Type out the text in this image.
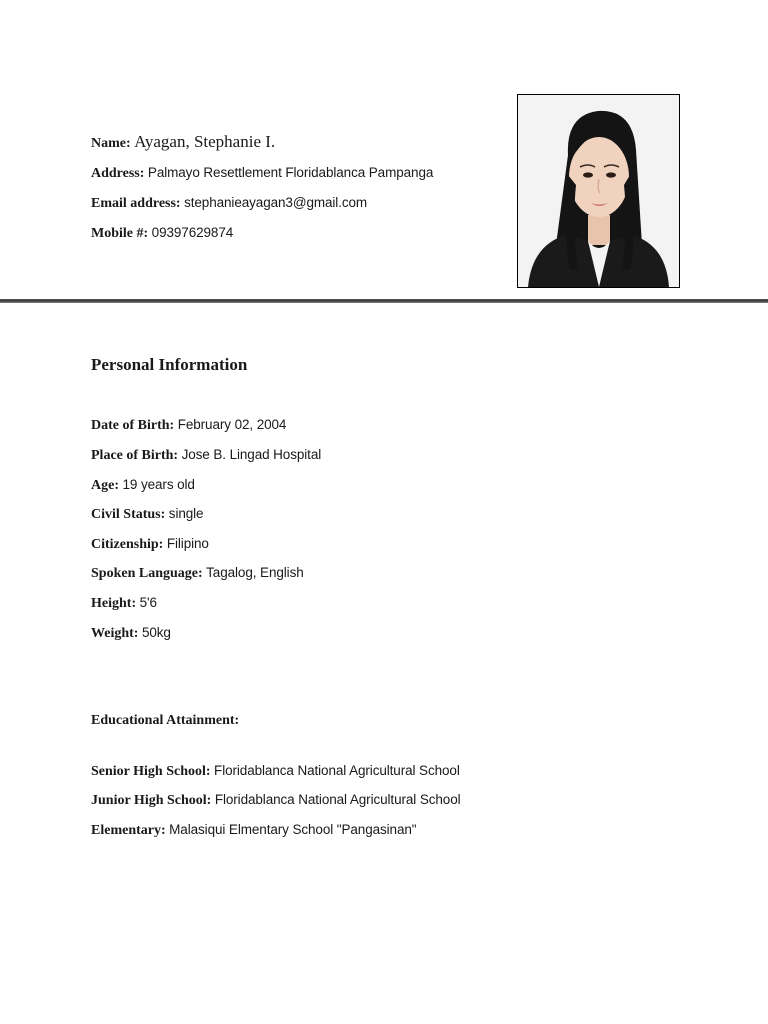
Name: Ayagan, Stephanie I.
Address: Palmayo Resettlement Floridablanca Pampanga
Email address: stephanieayagan3@gmail.com
Mobile #: 09397629874
Personal Information
Date of Birth: February 02, 2004
Place of Birth: Jose B. Lingad Hospital
Age: 19 years old
Civil Status: single
Citizenship: Filipino
Spoken Language: Tagalog, English
Height: 5'6
Weight: 50kg
Educational Attainment:
Senior High School: Floridablanca National Agricultural School
Junior High School: Floridablanca National Agricultural School
Elementary: Malasiqui Elmentary School "Pangasinan"
